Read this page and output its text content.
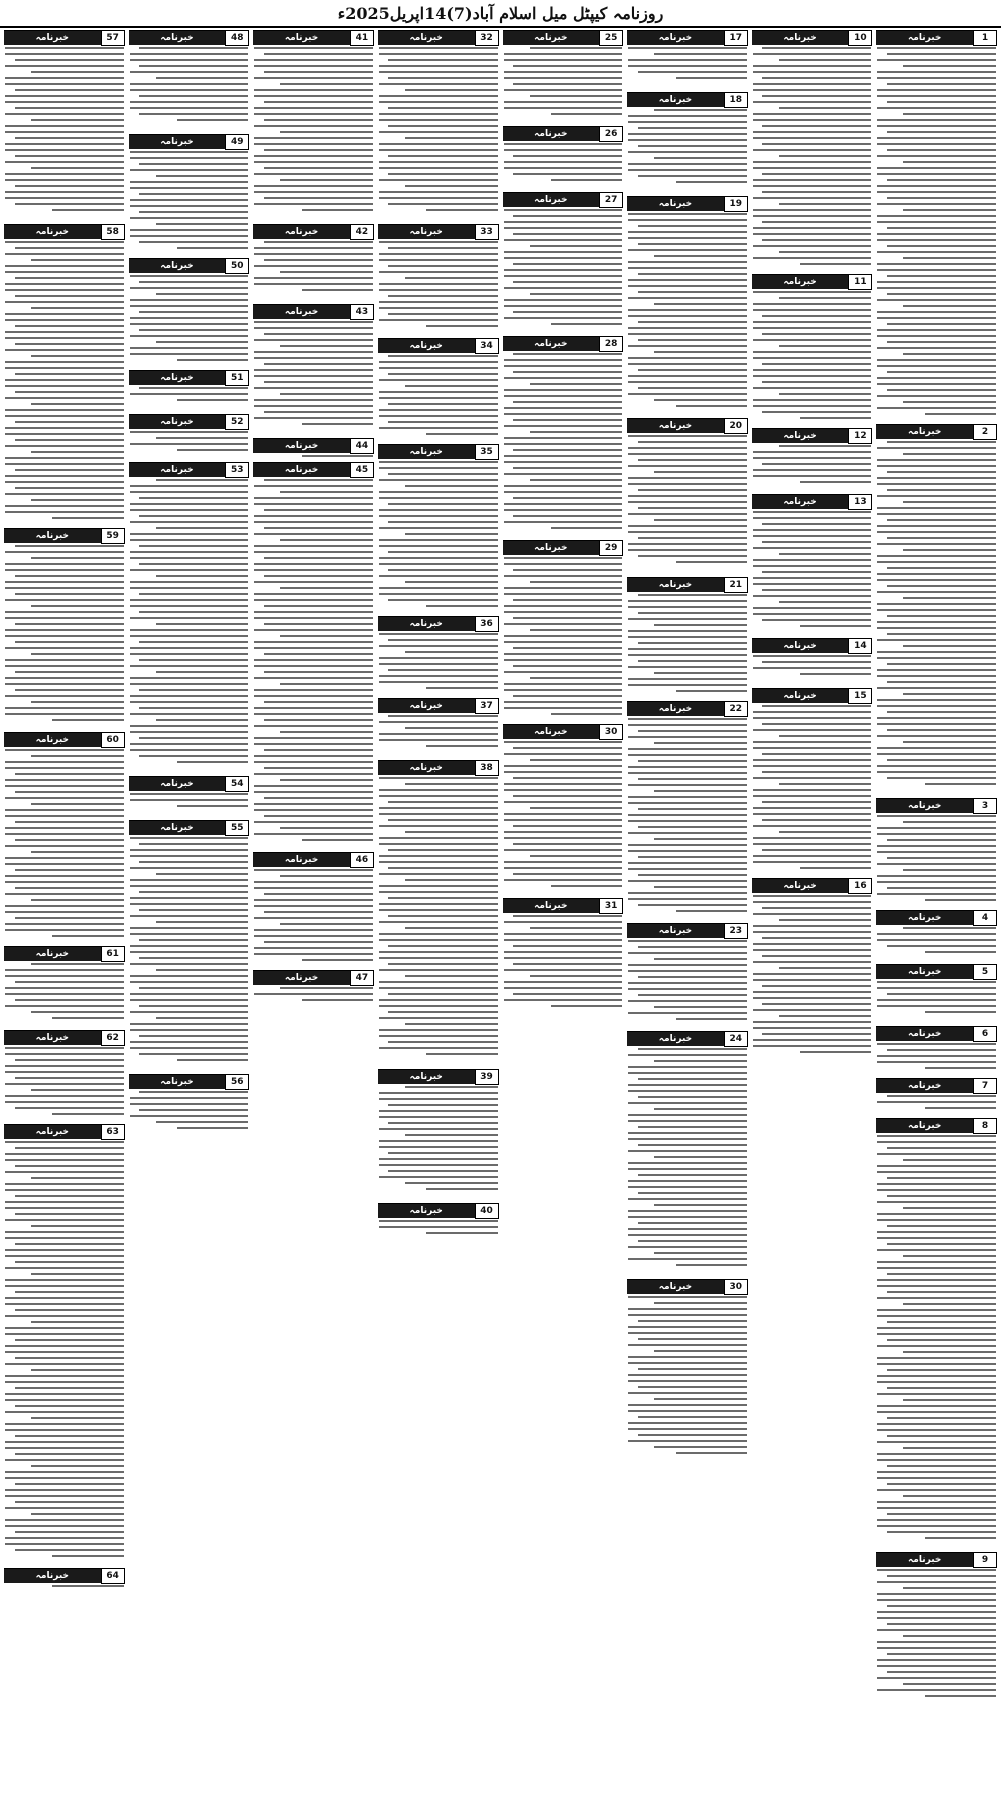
روزنامہ کیپٹل میل اسلام آباد(7)14اپریل2025ء
1
خبرنامہ
2
خبرنامہ
3
خبرنامہ
4
خبرنامہ
5
خبرنامہ
6
خبرنامہ
7
خبرنامہ
8
خبرنامہ
9
خبرنامہ
10
خبرنامہ
11
خبرنامہ
12
خبرنامہ
13
خبرنامہ
14
خبرنامہ
15
خبرنامہ
16
خبرنامہ
17
خبرنامہ
18
خبرنامہ
19
خبرنامہ
20
خبرنامہ
21
خبرنامہ
22
خبرنامہ
23
خبرنامہ
24
خبرنامہ
30
خبرنامہ
25
خبرنامہ
26
خبرنامہ
27
خبرنامہ
28
خبرنامہ
29
خبرنامہ
30
خبرنامہ
31
خبرنامہ
32
خبرنامہ
33
خبرنامہ
34
خبرنامہ
35
خبرنامہ
36
خبرنامہ
37
خبرنامہ
38
خبرنامہ
39
خبرنامہ
40
خبرنامہ
41
خبرنامہ
42
خبرنامہ
43
خبرنامہ
44
خبرنامہ
45
خبرنامہ
46
خبرنامہ
47
خبرنامہ
48
خبرنامہ
49
خبرنامہ
50
خبرنامہ
51
خبرنامہ
52
خبرنامہ
53
خبرنامہ
54
خبرنامہ
55
خبرنامہ
56
خبرنامہ
57
خبرنامہ
58
خبرنامہ
59
خبرنامہ
60
خبرنامہ
61
خبرنامہ
62
خبرنامہ
63
خبرنامہ
64
خبرنامہ
